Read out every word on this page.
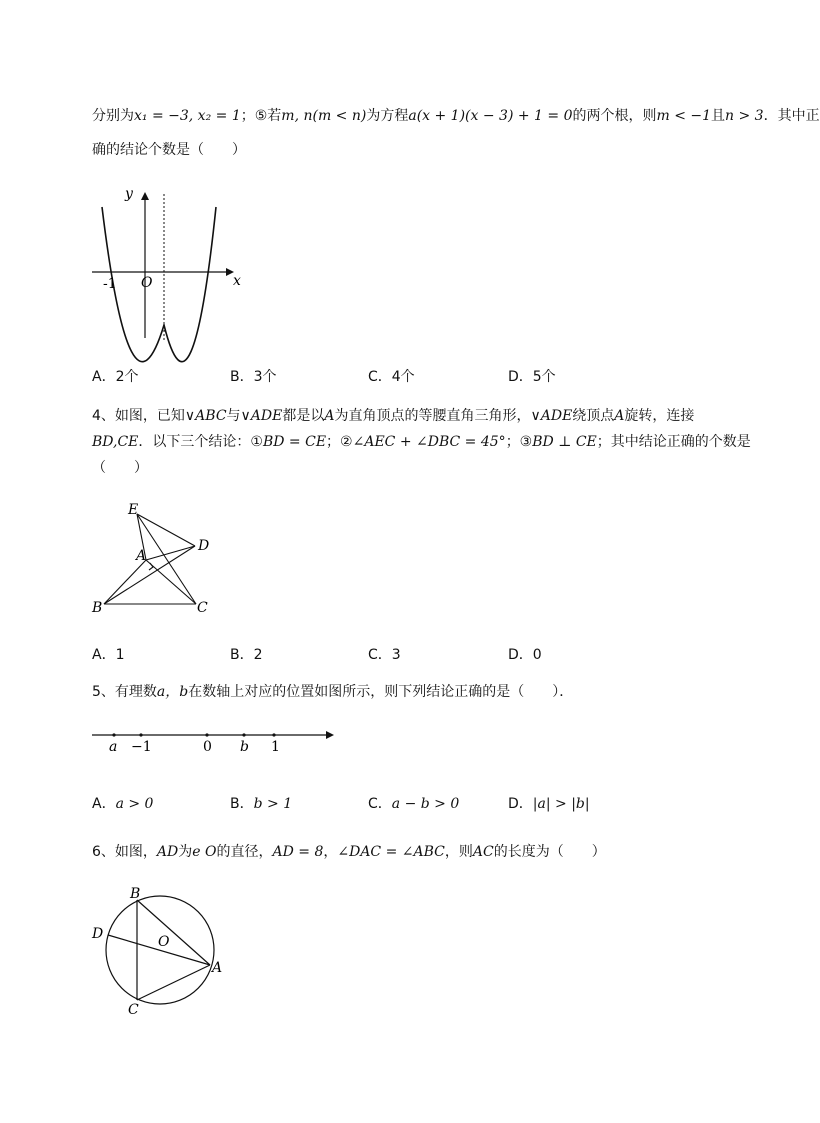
分别为x₁ = −3, x₂ = 1；⑤若m, n(m < n)为方程a(x + 1)(x − 3) + 1 = 0的两个根，则m < −1且n > 3．其中正
确的结论个数是（　　）
y
x
-1 O
A．2个	B．3个	C．4个	D．5个
4、如图，已知∨ABC与∨ADE都是以A为直角顶点的等腰直角三角形，∨ADE绕顶点A旋转，连接
BD,CE．以下三个结论：①BD = CE；②∠AEC + ∠DBC = 45°；③BD ⊥ CE；其中结论正确的个数是
（　　）
E
D
A
B	C
A．1	B．2	C．3	D．0
5、有理数a，b在数轴上对应的位置如图所示，则下列结论正确的是（　　）．
a −1	0 b 1
A．a > 0	B．b > 1	C．a − b > 0	D．|a| > |b|
6、如图，AD为e O的直径，AD = 8，∠DAC = ∠ABC，则AC的长度为（　　）
B
D	O
A
C
